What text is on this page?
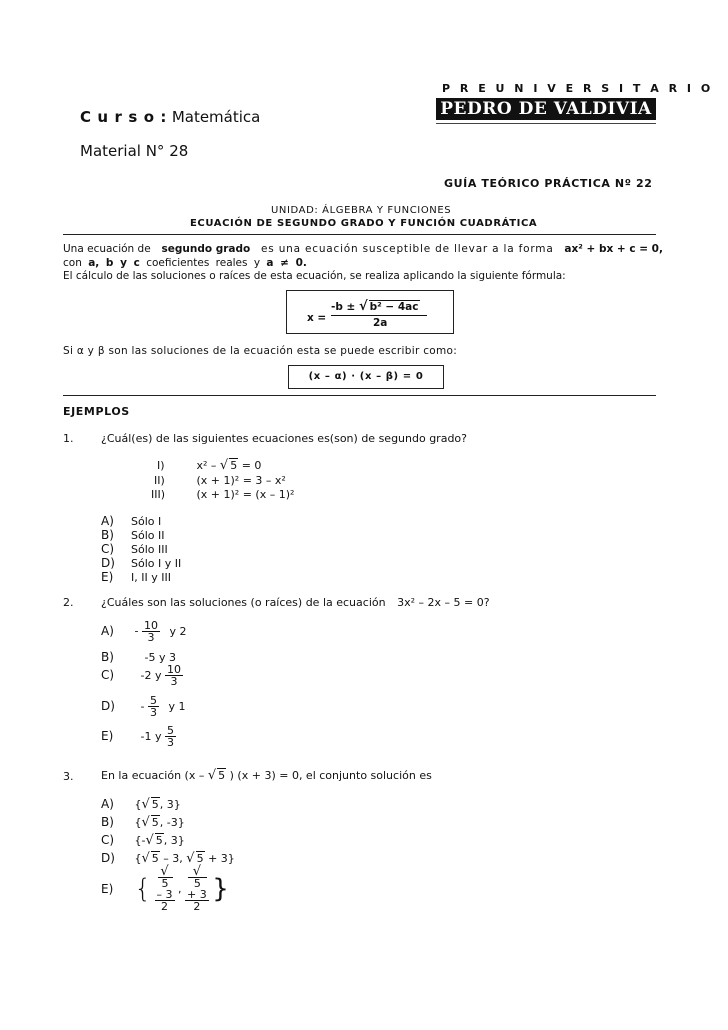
C u r s o : Matemática
Material N° 28
P R E U N I V E R S I T A R I O
PEDRO DE VALDIVIA
GUÍA TEÓRICO PRÁCTICA Nº 22
UNIDAD: ÁLGEBRA Y FUNCIONES
ECUACIÓN DE SEGUNDO GRADO Y FUNCIÓN CUADRÁTICA
Una ecuación de segundo grado es una ecuación susceptible de llevar a la forma ax² + bx + c = 0,
con a, b y c coeficientes reales y a ≠ 0.
El cálculo de las soluciones o raíces de esta ecuación, se realiza aplicando la siguiente fórmula:
x =
-b ± √ b² − 4ac
2a
Si α y β son las soluciones de la ecuación esta se puede escribir como:
(x – α) · (x – β) = 0
EJEMPLOS
1.	¿Cuál(es) de las siguientes ecuaciones es(son) de segundo grado?
I)	x² – √ 5 = 0
II)	(x + 1)² = 3 – x²
III)	(x + 1)² = (x – 1)²
A) Sólo I
B) Sólo II
C) Sólo III
D) Sólo I y II
E) I, II y III
2.	¿Cuáles son las soluciones (o raíces) de la ecuación 3x² – 2x – 5 = 0?
$A) - \frac{10}{3}$ y 2
B)	-5 y 3
C) -2 y $\frac{10}{3}$
$D) - \frac{5}{3}$ y 1
E) -1 y $\frac{5}{3}$
3.	En la ecuación (x – √ 5 ) (x + 3) = 0, el conjunto solución es
A) {√ 5, 3}
B) {√ 5, -3}
C) {-√ 5, 3}
D) {√ 5 – 3, √ 5 + 3}
E) { √
5
– 3
2 , √
5
+ 3
2 }
